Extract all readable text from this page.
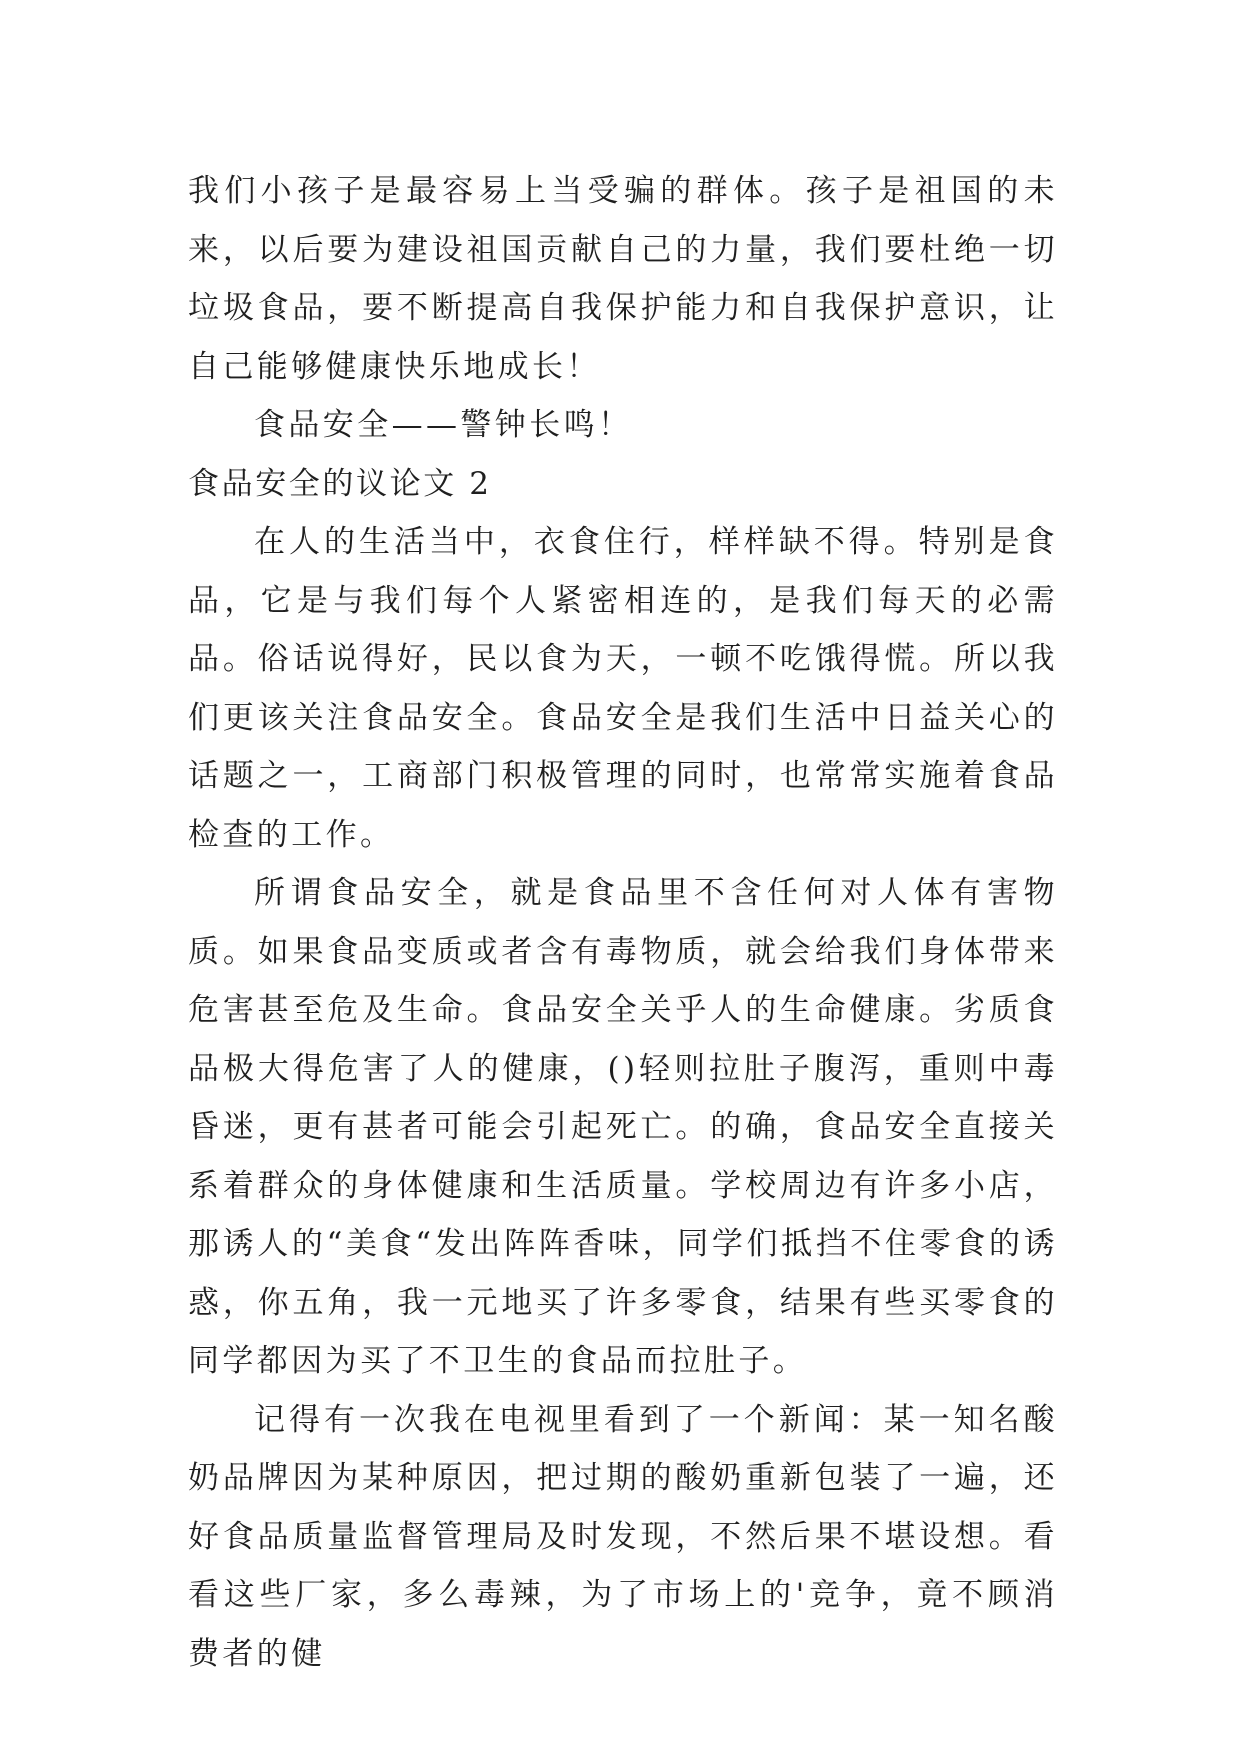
我们小孩子是最容易上当受骗的群体。孩子是祖国的未来，以后要为建设祖国贡献自己的力量，我们要杜绝一切垃圾食品，要不断提高自我保护能力和自我保护意识，让自己能够健康快乐地成长！

食品安全——警钟长鸣！

食品安全的议论文 2

在人的生活当中，衣食住行，样样缺不得。特别是食品，它是与我们每个人紧密相连的，是我们每天的必需品。俗话说得好，民以食为天，一顿不吃饿得慌。所以我们更该关注食品安全。食品安全是我们生活中日益关心的话题之一，工商部门积极管理的同时，也常常实施着食品检查的工作。

所谓食品安全，就是食品里不含任何对人体有害物质。如果食品变质或者含有毒物质，就会给我们身体带来危害甚至危及生命。食品安全关乎人的生命健康。劣质食品极大得危害了人的健康，()轻则拉肚子腹泻，重则中毒昏迷，更有甚者可能会引起死亡。的确，食品安全直接关系着群众的身体健康和生活质量。学校周边有许多小店，那诱人的“美食“发出阵阵香味，同学们抵挡不住零食的诱惑，你五角，我一元地买了许多零食，结果有些买零食的同学都因为买了不卫生的食品而拉肚子。

记得有一次我在电视里看到了一个新闻：某一知名酸奶品牌因为某种原因，把过期的酸奶重新包装了一遍，还好食品质量监督管理局及时发现，不然后果不堪设想。看看这些厂家，多么毒辣，为了市场上的'竞争，竟不顾消费者的健
